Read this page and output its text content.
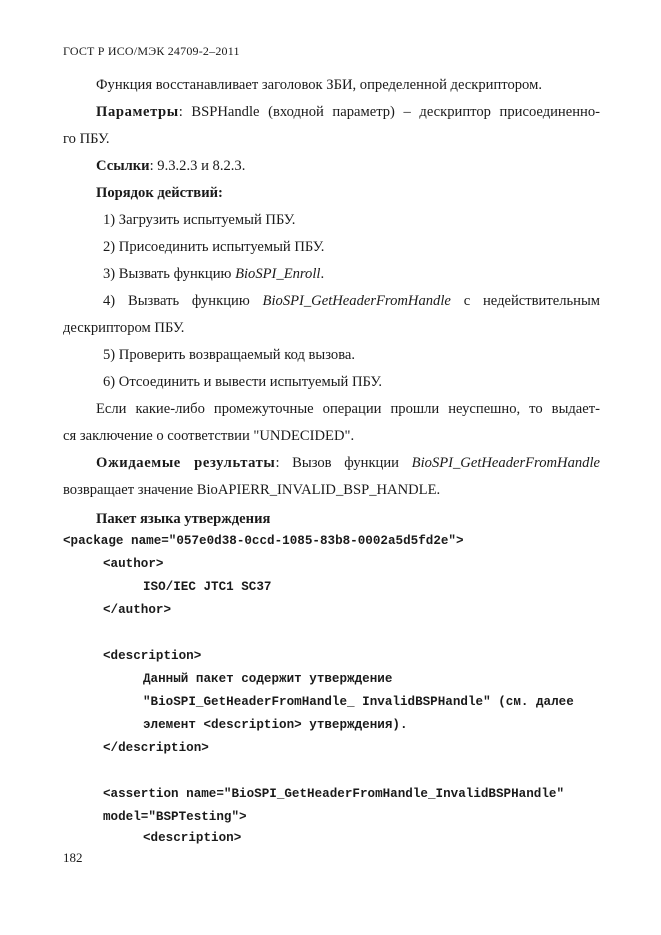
ГОСТ Р ИСО/МЭК 24709-2–2011
Функция восстанавливает заголовок ЗБИ, определенной дескриптором.
Параметры: BSPHandle (входной параметр) – дескриптор присоединенно-
го ПБУ.
Ссылки: 9.3.2.3 и 8.2.3.
Порядок действий:
1) Загрузить испытуемый ПБУ.
2) Присоединить испытуемый ПБУ.
3) Вызвать функцию BioSPI_Enroll.
4) Вызвать функцию BioSPI_GetHeaderFromHandle с недействительным
дескриптором ПБУ.
5) Проверить возвращаемый код вызова.
6) Отсоединить и вывести испытуемый ПБУ.
Если какие-либо промежуточные операции прошли неуспешно, то выдает-
ся заключение о соответствии "UNDECIDED".
Ожидаемые результаты: Вызов функции BioSPI_GetHeaderFromHandle
возвращает значение BioAPIERR_INVALID_BSP_HANDLE.
Пакет языка утверждения
<package name="057e0d38-0ccd-1085-83b8-0002a5d5fd2e">
<author>
ISO/IEC JTC1 SC37
</author>
<description>
Данный пакет содержит утверждение
"BioSPI_GetHeaderFromHandle_ InvalidBSPHandle" (см. далее
элемент <description> утверждения).
</description>
<assertion name="BioSPI_GetHeaderFromHandle_InvalidBSPHandle"
model="BSPTesting">
<description>
182
